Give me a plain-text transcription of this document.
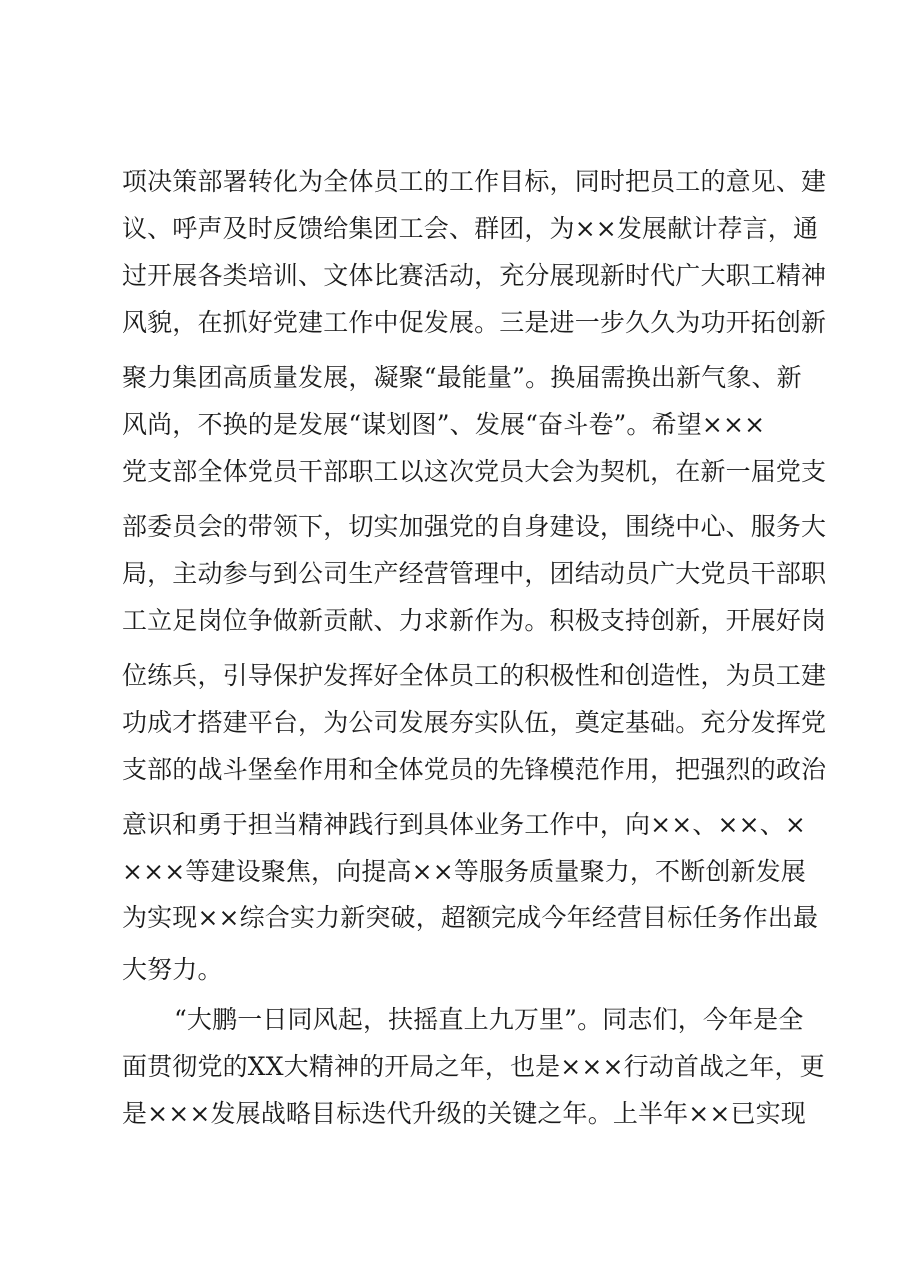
项决策部署转化为全体员工的工作目标，同时把员工的意见、建
议、呼声及时反馈给集团工会、群团，为××发展献计荐言，通
过开展各类培训、文体比赛活动，充分展现新时代广大职工精神
风貌，在抓好党建工作中促发展。三是进一步久久为功开拓创新
聚力集团高质量发展，凝聚“最能量”。换届需换出新气象、新
风尚，不换的是发展“谋划图”、发展“奋斗卷”。希望×××
党支部全体党员干部职工以这次党员大会为契机，在新一届党支
部委员会的带领下，切实加强党的自身建设，围绕中心、服务大
局，主动参与到公司生产经营管理中，团结动员广大党员干部职
工立足岗位争做新贡献、力求新作为。积极支持创新，开展好岗
位练兵，引导保护发挥好全体员工的积极性和创造性，为员工建
功成才搭建平台，为公司发展夯实队伍，奠定基础。充分发挥党
支部的战斗堡垒作用和全体党员的先锋模范作用，把强烈的政治
意识和勇于担当精神践行到具体业务工作中，向××、××、×
×××等建设聚焦，向提高××等服务质量聚力，不断创新发展
为实现××综合实力新突破，超额完成今年经营目标任务作出最
大努力。
“大鹏一日同风起，扶摇直上九万里”。同志们，今年是全
面贯彻党的XX大精神的开局之年，也是×××行动首战之年，更
是×××发展战略目标迭代升级的关键之年。上半年××已实现
